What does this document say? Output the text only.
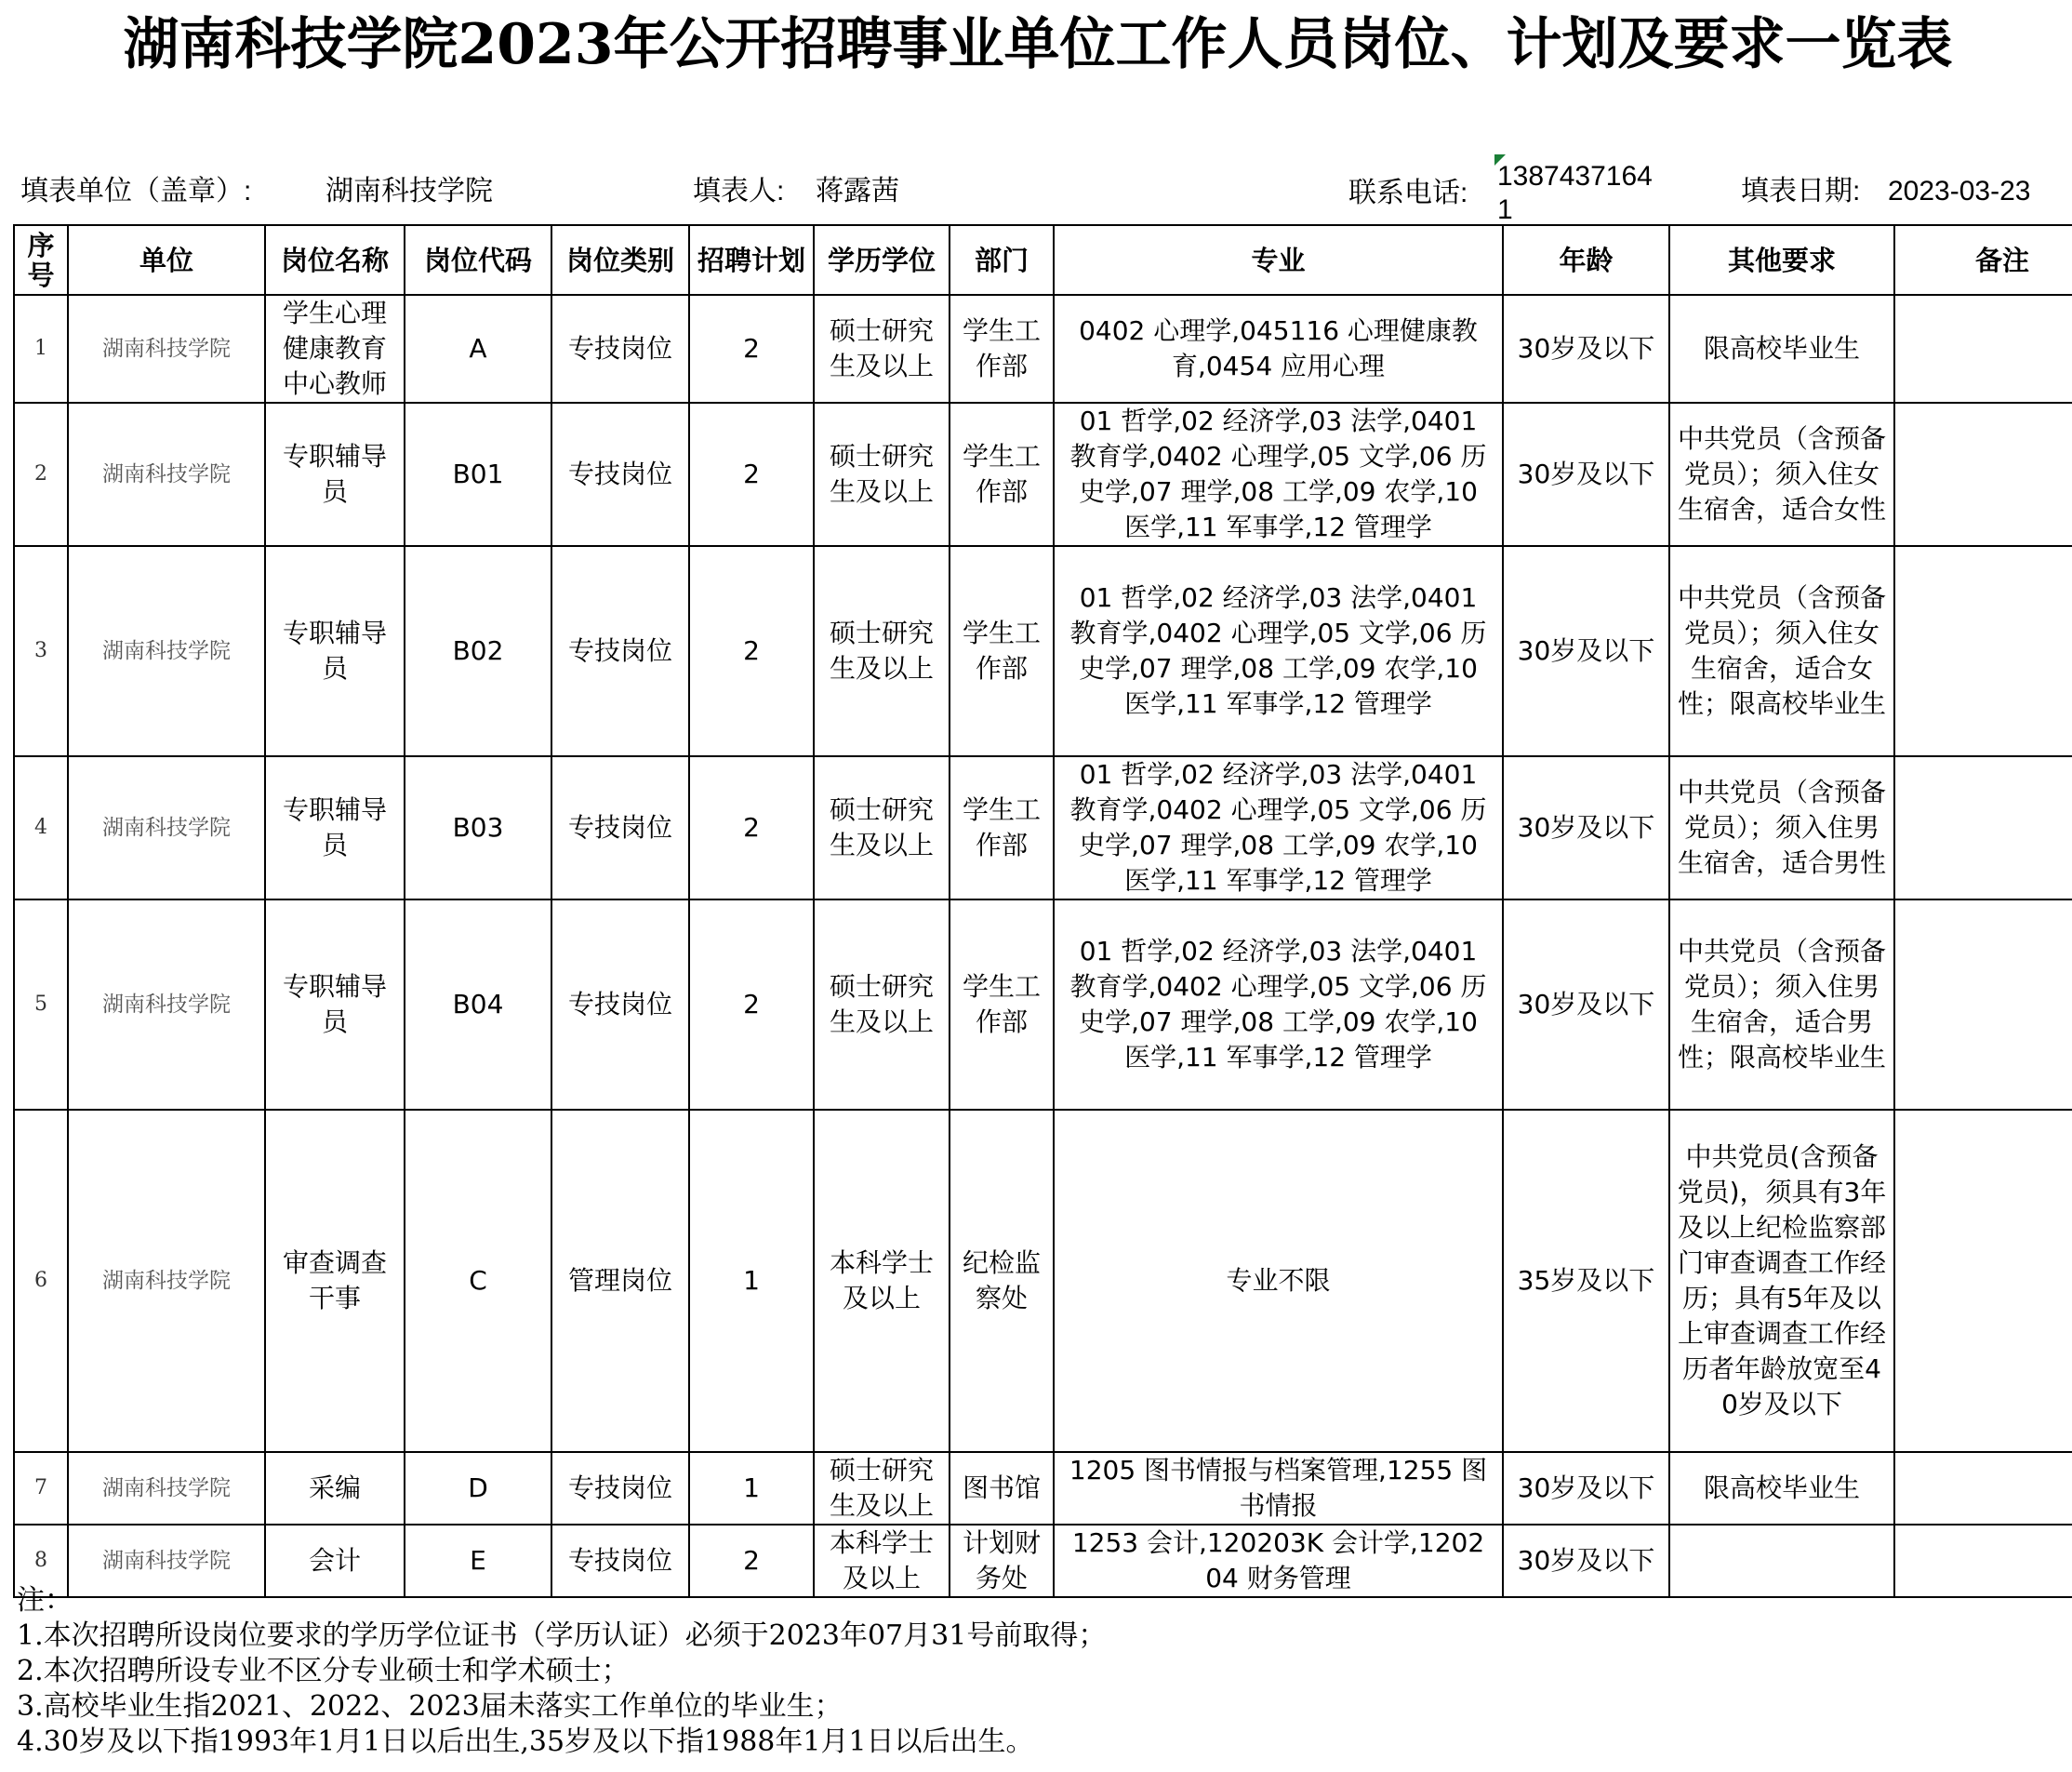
湖南科技学院2023年公开招聘事业单位工作人员岗位、计划及要求一览表
填表单位（盖章）:	湖南科技学院	填表人: 蒋露茜	联系电话:
1387437164
1
填表日期: 2023-03-23
序号	单位	岗位名称	岗位代码	岗位类别	招聘计划	学历学位	部门	专业	年龄	其他要求	备注
1	湖南科技学院	学生心理健康教育中心教师	A	专技岗位	2	硕士研究生及以上	学生工作部	0402 心理学,045116 心理健康教育,0454 应用心理	30岁及以下	限高校毕业生	
2	湖南科技学院	专职辅导员	B01	专技岗位	2	硕士研究生及以上	学生工作部	01 哲学,02 经济学,03 法学,0401 教育学,0402 心理学,05 文学,06 历史学,07 理学,08 工学,09 农学,10 医学,11 军事学,12 管理学	30岁及以下	中共党员（含预备党员）；须入住女生宿舍，适合女性	
3	湖南科技学院	专职辅导员	B02	专技岗位	2	硕士研究生及以上	学生工作部	01 哲学,02 经济学,03 法学,0401 教育学,0402 心理学,05 文学,06 历史学,07 理学,08 工学,09 农学,10 医学,11 军事学,12 管理学	30岁及以下	中共党员（含预备党员）；须入住女生宿舍，适合女性；限高校毕业生	
4	湖南科技学院	专职辅导员	B03	专技岗位	2	硕士研究生及以上	学生工作部	01 哲学,02 经济学,03 法学,0401 教育学,0402 心理学,05 文学,06 历史学,07 理学,08 工学,09 农学,10 医学,11 军事学,12 管理学	30岁及以下	中共党员（含预备党员）；须入住男生宿舍，适合男性	
5	湖南科技学院	专职辅导员	B04	专技岗位	2	硕士研究生及以上	学生工作部	01 哲学,02 经济学,03 法学,0401 教育学,0402 心理学,05 文学,06 历史学,07 理学,08 工学,09 农学,10 医学,11 军事学,12 管理学	30岁及以下	中共党员（含预备党员）；须入住男生宿舍，适合男性；限高校毕业生	
6	湖南科技学院	审查调查干事	C	管理岗位	1	本科学士及以上	纪检监察处	专业不限	35岁及以下	中共党员(含预备党员)，须具有3年及以上纪检监察部门审查调查工作经历；具有5年及以上审查调查工作经历者年龄放宽至40岁及以下	
7	湖南科技学院	采编	D	专技岗位	1	硕士研究生及以上	图书馆	1205 图书情报与档案管理,1255 图书情报	30岁及以下	限高校毕业生	
8	湖南科技学院	会计	E	专技岗位	2	本科学士及以上	计划财务处	1253 会计,120203K 会计学,120204 财务管理	30岁及以下		
注：
1.本次招聘所设岗位要求的学历学位证书（学历认证）必须于2023年07月31号前取得；
2.本次招聘所设专业不区分专业硕士和学术硕士；
3.高校毕业生指2021、2022、2023届未落实工作单位的毕业生；
4.30岁及以下指1993年1月1日以后出生,35岁及以下指1988年1月1日以后出生。
